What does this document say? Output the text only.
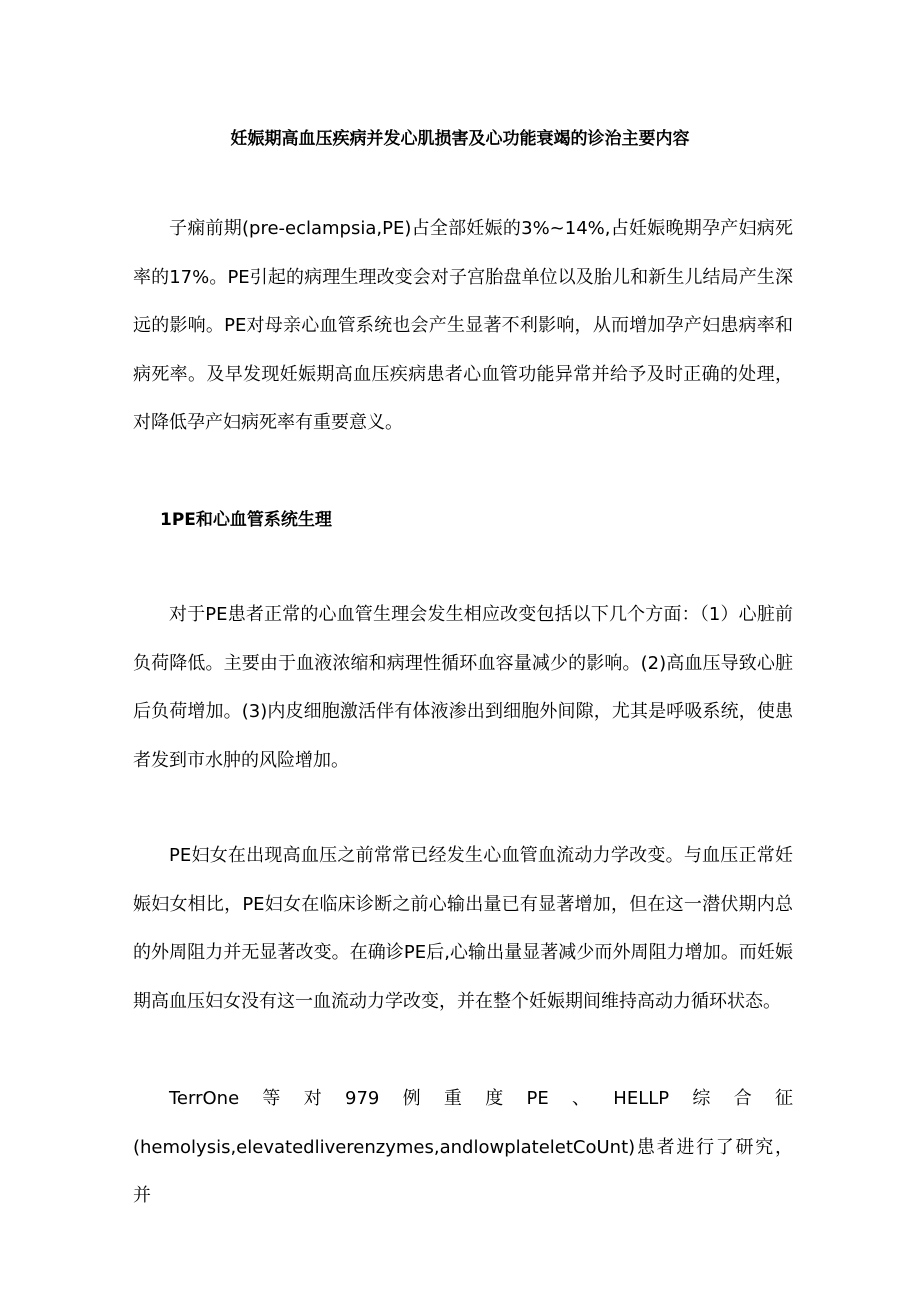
妊娠期高血压疾病并发心肌损害及心功能衰竭的诊治主要内容

子痫前期(pre-eclampsia,PE)占全部妊娠的3%~14%,占妊娠晚期孕产妇病死率的17%。PE引起的病理生理改变会对子宫胎盘单位以及胎儿和新生儿结局产生深远的影响。PE对母亲心血管系统也会产生显著不利影响，从而增加孕产妇患病率和病死率。及早发现妊娠期高血压疾病患者心血管功能异常并给予及时正确的处理，对降低孕产妇病死率有重要意义。

1PE和心血管系统生理

对于PE患者正常的心血管生理会发生相应改变包括以下几个方面：（1）心脏前负荷降低。主要由于血液浓缩和病理性循环血容量减少的影响。(2)高血压导致心脏后负荷增加。(3)内皮细胞激活伴有体液渗出到细胞外间隙，尤其是呼吸系统，使患者发到市水肿的风险增加。

PE妇女在出现高血压之前常常已经发生心血管血流动力学改变。与血压正常妊娠妇女相比，PE妇女在临床诊断之前心输出量已有显著增加，但在这一潜伏期内总的外周阻力并无显著改变。在确诊PE后,心输出量显著减少而外周阻力增加。而妊娠期高血压妇女没有这一血流动力学改变，并在整个妊娠期间维持高动力循环状态。

TerrOne等对979例重度PE、HELLP综合征(hemolysis,elevatedliverenzymes,andlowplateletCoUnt)患者进行了研究，并
